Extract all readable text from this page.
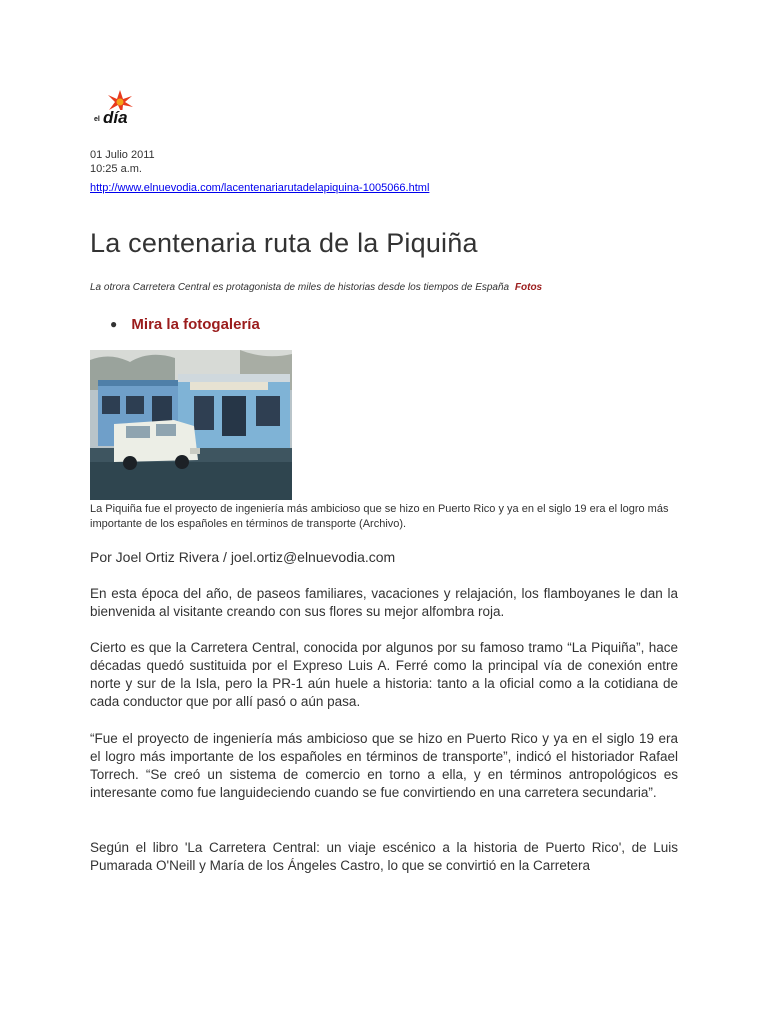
el día
01 Julio 2011
10:25 a.m.
http://www.elnuevodia.com/lacentenariarutadelapiquina-1005066.html
La centenaria ruta de la Piquiña
La otrora Carretera Central es protagonista de miles de historias desde los tiempos de España Fotos
● Mira la fotogalería
La Piquiña fue el proyecto de ingeniería más ambicioso que se hizo en Puerto Rico y ya en el siglo 19 era el logro más importante de los españoles en términos de transporte (Archivo).
Por Joel Ortiz Rivera / joel.ortiz@elnuevodia.com

En esta época del año, de paseos familiares, vacaciones y relajación, los flamboyanes le dan la bienvenida al visitante creando con sus flores su mejor alfombra roja.

Cierto es que la Carretera Central, conocida por algunos por su famoso tramo “La Piquiña”, hace décadas quedó sustituida por el Expreso Luis A. Ferré como la principal vía de conexión entre norte y sur de la Isla, pero la PR-1 aún huele a historia: tanto a la oficial como a la cotidiana de cada conductor que por allí pasó o aún pasa.

“Fue el proyecto de ingeniería más ambicioso que se hizo en Puerto Rico y ya en el siglo 19 era el logro más importante de los españoles en términos de transporte”, indicó el historiador Rafael Torrech. “Se creó un sistema de comercio en torno a ella, y en términos antropológicos es interesante como fue languideciendo cuando se fue convirtiendo en una carretera secundaria”.

Según el libro 'La Carretera Central: un viaje escénico a la historia de Puerto Rico', de Luis Pumarada O'Neill y María de los Ángeles Castro, lo que se convirtió en la Carretera
